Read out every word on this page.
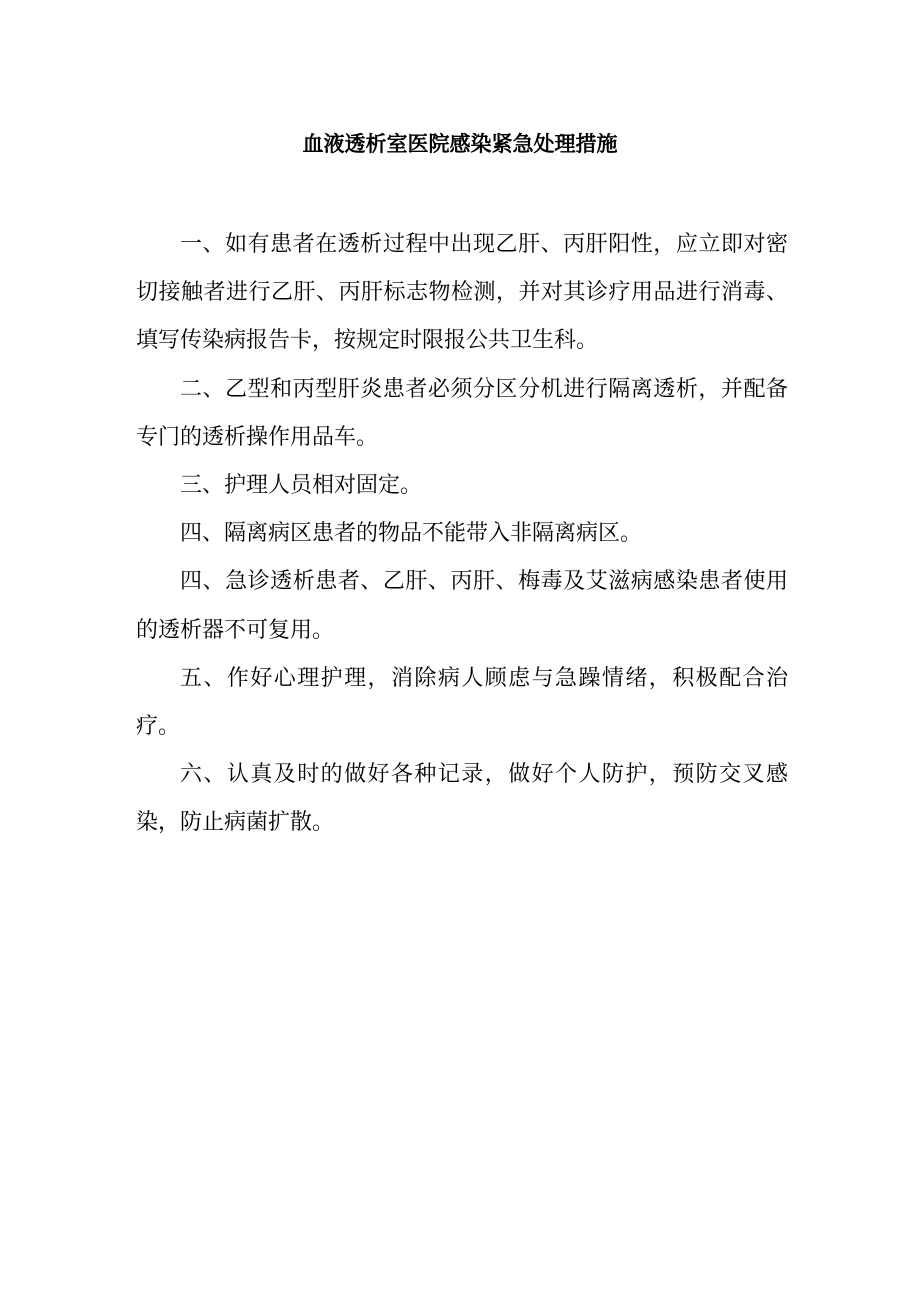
血液透析室医院感染紧急处理措施

一、如有患者在透析过程中出现乙肝、丙肝阳性，应立即对密切接触者进行乙肝、丙肝标志物检测，并对其诊疗用品进行消毒、填写传染病报告卡，按规定时限报公共卫生科。

二、乙型和丙型肝炎患者必须分区分机进行隔离透析，并配备专门的透析操作用品车。

三、护理人员相对固定。

四、隔离病区患者的物品不能带入非隔离病区。

四、急诊透析患者、乙肝、丙肝、梅毒及艾滋病感染患者使用的透析器不可复用。

五、作好心理护理，消除病人顾虑与急躁情绪，积极配合治疗。

六、认真及时的做好各种记录，做好个人防护，预防交叉感染，防止病菌扩散。
